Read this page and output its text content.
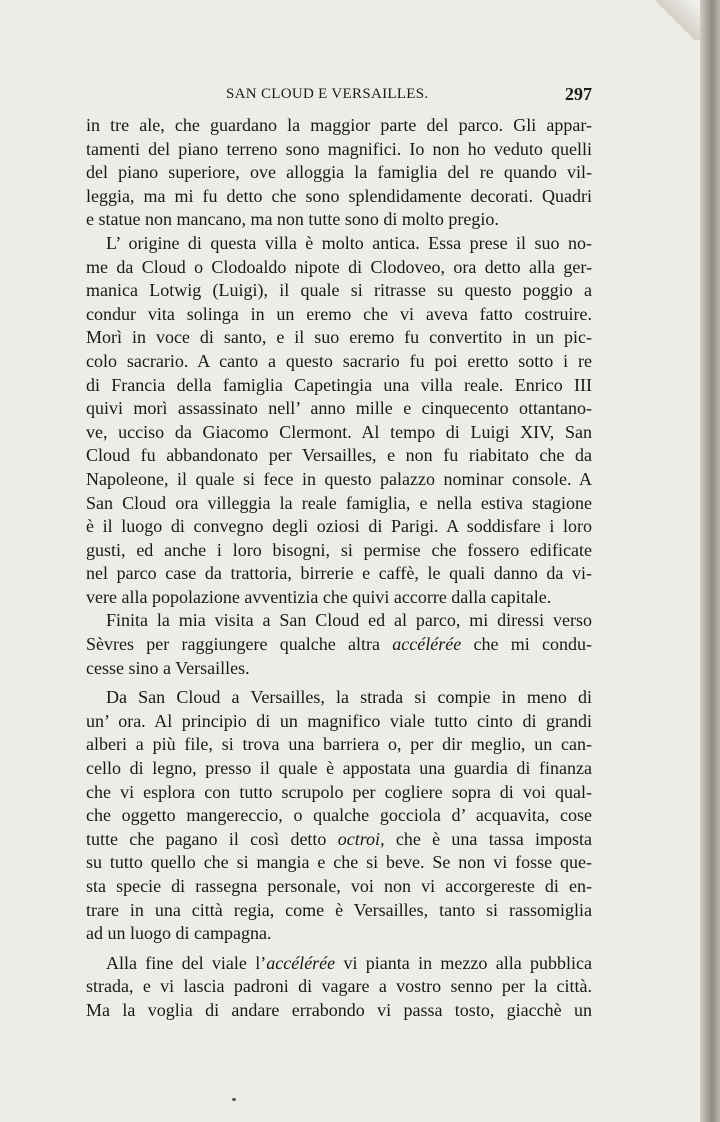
SAN CLOUD E VERSAILLES.	297
in tre ale, che guardano la maggior parte del parco. Gli appar-
tamenti del piano terreno sono magnifici. Io non ho veduto quelli
del piano superiore, ove alloggia la famiglia del re quando vil-
leggia, ma mi fu detto che sono splendidamente decorati. Quadri
e statue non mancano, ma non tutte sono di molto pregio.
L’ origine di questa villa è molto antica. Essa prese il suo no-
me da Cloud o Clodoaldo nipote di Clodoveo, ora detto alla ger-
manica Lotwig (Luigi), il quale si ritrasse su questo poggio a
condur vita solinga in un eremo che vi aveva fatto costruire.
Morì in voce di santo, e il suo eremo fu convertito in un pic-
colo sacrario. A canto a questo sacrario fu poi eretto sotto i re
di Francia della famiglia Capetingia una villa reale. Enrico III
quivi morì assassinato nell’ anno mille e cinquecento ottantano-
ve, ucciso da Giacomo Clermont. Al tempo di Luigi XIV, San
Cloud fu abbandonato per Versailles, e non fu riabitato che da
Napoleone, il quale si fece in questo palazzo nominar console. A
San Cloud ora villeggia la reale famiglia, e nella estiva stagione
è il luogo di convegno degli oziosi di Parigi. A soddisfare i loro
gusti, ed anche i loro bisogni, si permise che fossero edificate
nel parco case da trattoria, birrerie e caffè, le quali danno da vi-
vere alla popolazione avventizia che quivi accorre dalla capitale.
Finita la mia visita a San Cloud ed al parco, mi diressi verso
Sèvres per raggiungere qualche altra accélérée che mi condu-
cesse sino a Versailles.
Da San Cloud a Versailles, la strada si compie in meno di
un’ ora. Al principio di un magnifico viale tutto cinto di grandi
alberi a più file, si trova una barriera o, per dir meglio, un can-
cello di legno, presso il quale è appostata una guardia di finanza
che vi esplora con tutto scrupolo per cogliere sopra di voi qual-
che oggetto mangereccio, o qualche gocciola d’ acquavita, cose
tutte che pagano il così detto octroi, che è una tassa imposta
su tutto quello che si mangia e che si beve. Se non vi fosse que-
sta specie di rassegna personale, voi non vi accorgereste di en-
trare in una città regia, come è Versailles, tanto si rassomiglia
ad un luogo di campagna.
Alla fine del viale l’accélérée vi pianta in mezzo alla pubblica
strada, e vi lascia padroni di vagare a vostro senno per la città.
Ma la voglia di andare errabondo vi passa tosto, giacchè un
